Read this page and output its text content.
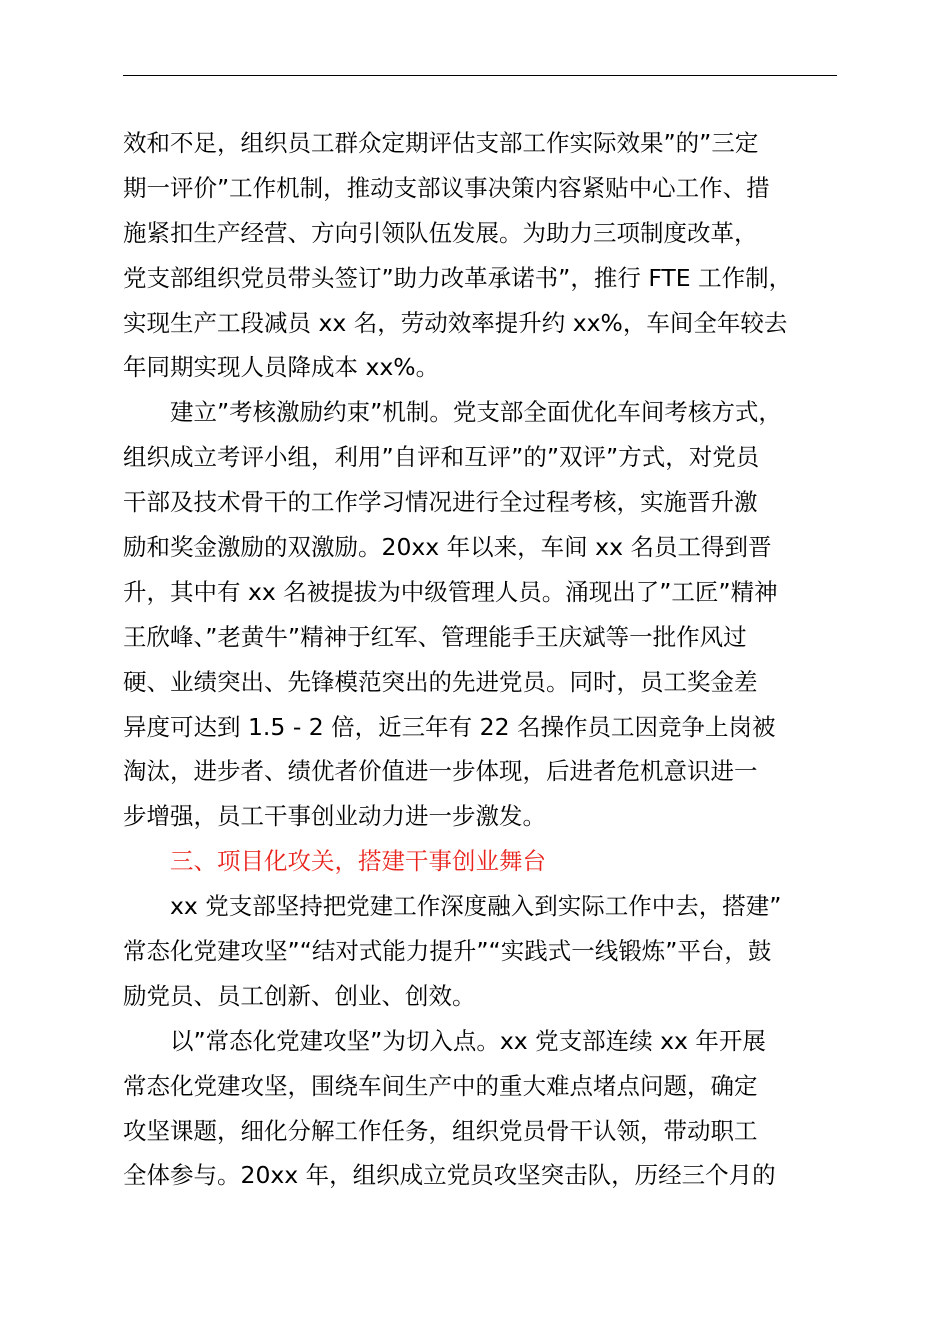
效和不足，组织员工群众定期评估支部工作实际效果”的”三定
期一评价”工作机制，推动支部议事决策内容紧贴中心工作、措
施紧扣生产经营、方向引领队伍发展。为助力三项制度改革，
党支部组织党员带头签订”助力改革承诺书”，推行 FTE 工作制，
实现生产工段减员 xx 名，劳动效率提升约 xx%，车间全年较去
年同期实现人员降成本 xx%。
建立”考核激励约束”机制。党支部全面优化车间考核方式，
组织成立考评小组，利用”自评和互评”的”双评”方式，对党员
干部及技术骨干的工作学习情况进行全过程考核，实施晋升激
励和奖金激励的双激励。20xx 年以来，车间 xx 名员工得到晋
升，其中有 xx 名被提拔为中级管理人员。涌现出了”工匠”精神
王欣峰、”老黄牛”精神于红军、管理能手王庆斌等一批作风过
硬、业绩突出、先锋模范突出的先进党员。同时，员工奖金差
异度可达到 1.5 - 2 倍，近三年有 22 名操作员工因竞争上岗被
淘汰，进步者、绩优者价值进一步体现，后进者危机意识进一
步增强，员工干事创业动力进一步激发。
三、项目化攻关，搭建干事创业舞台
xx 党支部坚持把党建工作深度融入到实际工作中去，搭建”
常态化党建攻坚”“结对式能力提升”“实践式一线锻炼”平台，鼓
励党员、员工创新、创业、创效。
以”常态化党建攻坚”为切入点。xx 党支部连续 xx 年开展
常态化党建攻坚，围绕车间生产中的重大难点堵点问题，确定
攻坚课题，细化分解工作任务，组织党员骨干认领，带动职工
全体参与。20xx 年，组织成立党员攻坚突击队，历经三个月的
